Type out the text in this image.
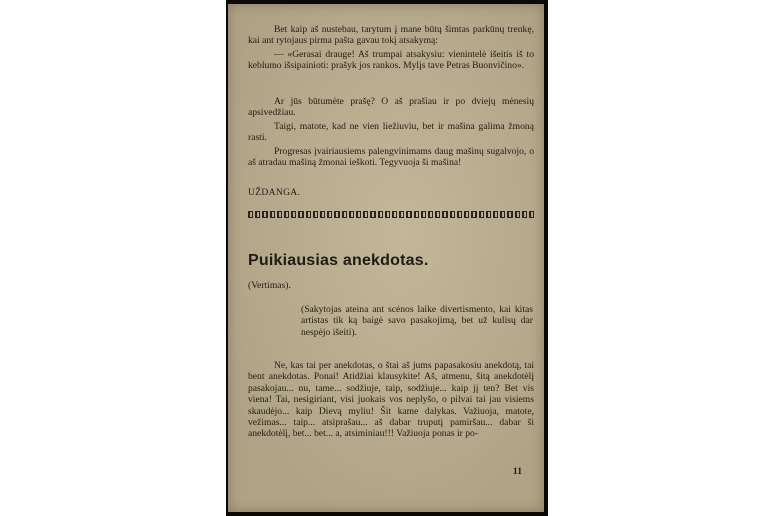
Bet kaip aš nustebau, tarytum į mane būtų šimtas parkūnų trenkę, kai ant rytojaus pirma pašta gavau tokį atsakymą:

— «Gerasai drauge! Aš trumpai atsakysiu: vienintelė išeitis iš to keblumo išsipainioti: prašyk jos rankos. Mylįs tave Petras Buonvičino».

Ar jūs būtumėte prašę? O aš prašiau ir po dviejų mėnesių apsivedžiau.

Taigi, matote, kad ne vien liežiuviu, bet ir mašina galima žmoną rasti.

Progresas įvairiausiems palengvinimams daug mašinų sugalvojo, o aš atradau mašiną žmonai ieškoti. Tegyvuoja ši mašina!

UŽDANGA.

Puikiausias anekdotas.

(Vertimas).

(Sakytojas ateina ant scėnos laike divertismento, kai kitas artistas tik ką baigė savo pasakojimą, bet už kulisų dar nespėjo išeiti).

Ne, kas tai per anekdotas, o štai aš jums papasakosiu anekdotą, tai bent anekdotas. Ponai! Atidžiai klausykite! Aš, atmenu, šitą anekdotėlį pasakojau... nu, tame... sodžiuje, taip, sodžiuje... kaip jį ten? Bet vis viena! Tai, nesigiriant, visi juokais vos neplyšo, o pilvai tai jau visiems skaudėjo... kaip Dievą myliu! Šit kame dalykas. Važiuoja, matote, vežimas... taip... atsiprašau... aš dabar truputį pamiršau... dabar ši anekdotėlį, bet... bet... a, atsiminiau!!! Važiuoja ponas ir po-

11
